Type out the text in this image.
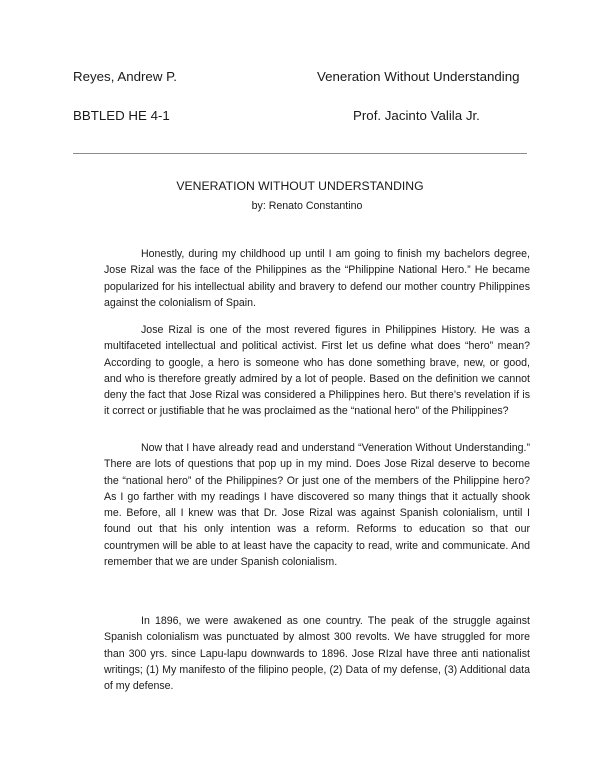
Reyes, Andrew P.	Veneration Without Understanding
BBTLED HE 4-1	Prof. Jacinto Valila Jr.
VENERATION WITHOUT UNDERSTANDING
by: Renato Constantino

Honestly, during my childhood up until I am going to finish my bachelors degree, Jose Rizal was the face of the Philippines as the “Philippine National Hero.” He became popularized for his intellectual ability and bravery to defend our mother country Philippines against the colonialism of Spain.

Jose Rizal is one of the most revered figures in Philippines History. He was a multifaceted intellectual and political activist. First let us define what does “hero” mean? According to google, a hero is someone who has done something brave, new, or good, and who is therefore greatly admired by a lot of people. Based on the definition we cannot deny the fact that Jose Rizal was considered a Philippines hero. But there’s revelation if is it correct or justifiable that he was proclaimed as the “national hero” of the Philippines?

Now that I have already read and understand “Veneration Without Understanding.” There are lots of questions that pop up in my mind. Does Jose Rizal deserve to become the “national hero” of the Philippines? Or just one of the members of the Philippine hero? As I go farther with my readings I have discovered so many things that it actually shook me. Before, all I knew was that Dr. Jose Rizal was against Spanish colonialism, until I found out that his only intention was a reform. Reforms to education so that our countrymen will be able to at least have the capacity to read, write and communicate. And remember that we are under Spanish colonialism.

In 1896, we were awakened as one country. The peak of the struggle against Spanish colonialism was punctuated by almost 300 revolts. We have struggled for more than 300 yrs. since Lapu-lapu downwards to 1896. Jose RIzal have three anti nationalist writings; (1) My manifesto of the filipino people, (2) Data of my defense, (3) Additional data of my defense.
